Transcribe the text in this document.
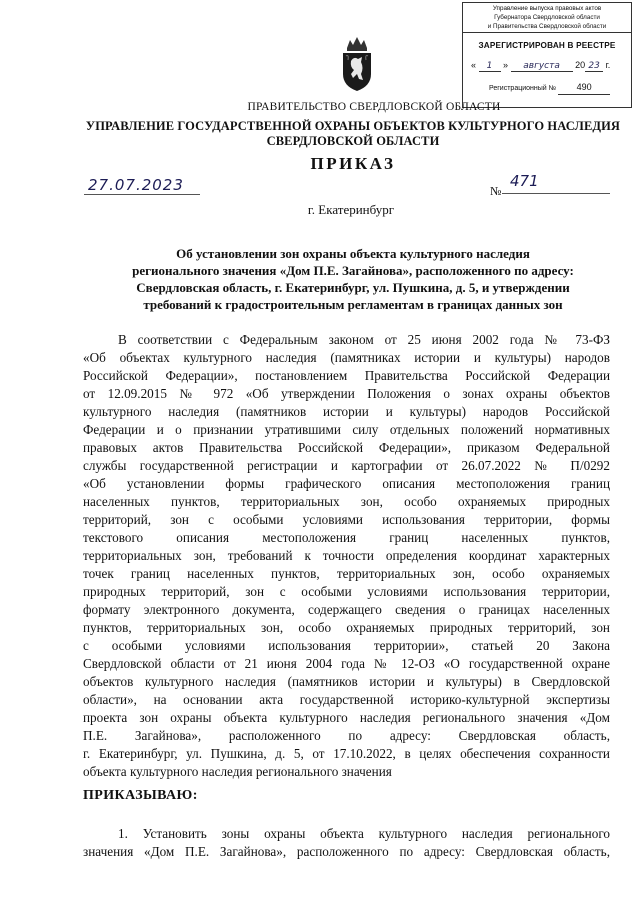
Управление выпуска правовых актов
Губернатора Свердловской области
и Правительства Свердловской области
ЗАРЕГИСТРИРОВАН В РЕЕСТРЕ
« 1 » августа 20 23 г.
Регистрационный № 490
ПРАВИТЕЛЬСТВО СВЕРДЛОВСКОЙ ОБЛАСТИ
УПРАВЛЕНИЕ ГОСУДАРСТВЕННОЙ ОХРАНЫ ОБЪЕКТОВ КУЛЬТУРНОГО НАСЛЕДИЯ
СВЕРДЛОВСКОЙ ОБЛАСТИ
ПРИКАЗ
27.07.2023	№
471
г. Екатеринбург
Об установлении зон охраны объекта культурного наследия
регионального значения «Дом П.Е. Загайнова», расположенного по адресу:
Свердловская область, г. Екатеринбург, ул. Пушкина, д. 5, и утверждении
требований к градостроительным регламентам в границах данных зон
В соответствии с Федеральным законом от 25 июня 2002 года № 73-ФЗ
«Об объектах культурного наследия (памятниках истории и культуры) народов
Российской Федерации», постановлением Правительства Российской Федерации
от 12.09.2015 № 972 «Об утверждении Положения о зонах охраны объектов
культурного наследия (памятников истории и культуры) народов Российской
Федерации и о признании утратившими силу отдельных положений нормативных
правовых актов Правительства Российской Федерации», приказом Федеральной
службы государственной регистрации и картографии от 26.07.2022 № П/0292
«Об установлении формы графического описания местоположения границ
населенных пунктов, территориальных зон, особо охраняемых природных
территорий, зон с особыми условиями использования территории, формы
текстового описания местоположения границ населенных пунктов,
территориальных зон, требований к точности определения координат характерных
точек границ населенных пунктов, территориальных зон, особо охраняемых
природных территорий, зон с особыми условиями использования территории,
формату электронного документа, содержащего сведения о границах населенных
пунктов, территориальных зон, особо охраняемых природных территорий, зон
с особыми условиями использования территории», статьей 20 Закона
Свердловской области от 21 июня 2004 года № 12-ОЗ «О государственной охране
объектов культурного наследия (памятников истории и культуры) в Свердловской
области», на основании акта государственной историко-культурной экспертизы
проекта зон охраны объекта культурного наследия регионального значения «Дом
П.Е. Загайнова», расположенного по адресу: Свердловская область,
г. Екатеринбург, ул. Пушкина, д. 5, от 17.10.2022, в целях обеспечения сохранности
объекта культурного наследия регионального значения
ПРИКАЗЫВАЮ:
1. Установить зоны охраны объекта культурного наследия регионального
значения «Дом П.Е. Загайнова», расположенного по адресу: Свердловская область,
